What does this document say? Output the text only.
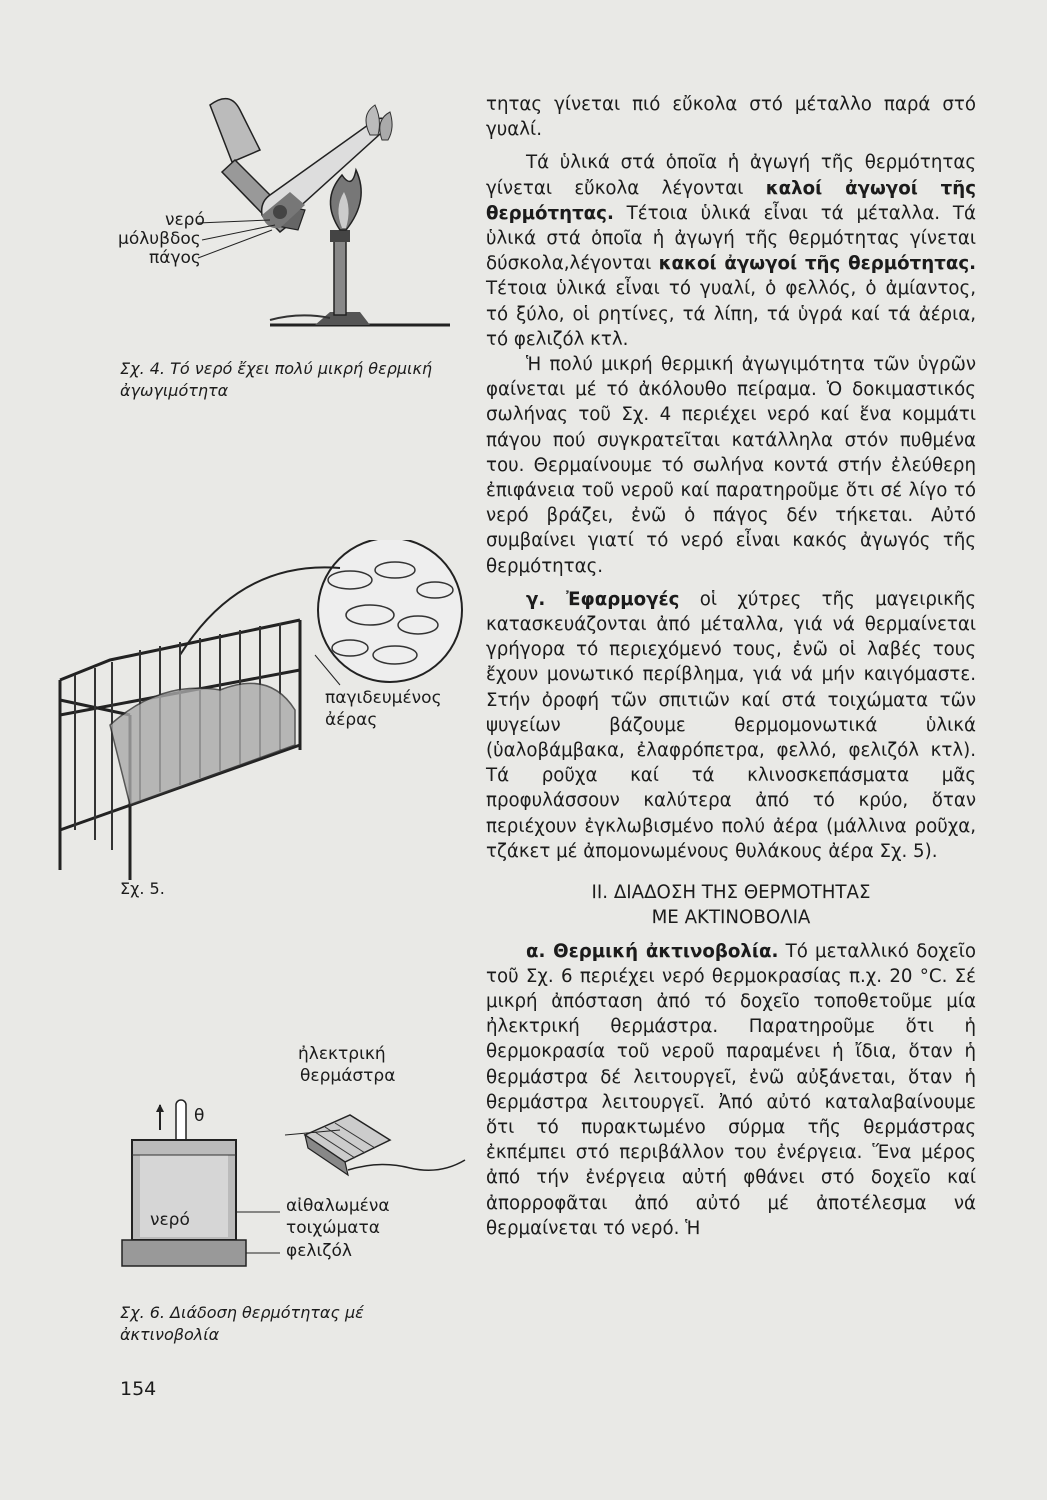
νερό
μόλυβδος
πάγος
Σχ. 4. Τό νερό ἔχει πολύ μικρή θερμική ἀγωγιμότητα
παγιδευμένος
ἀέρας
Σχ. 5.
ἠλεκτρική
θερμάστρα
θ
νερό
αἰθαλωμένα
τοιχώματα
φελιζόλ
Σχ. 6. Διάδοση θερμότητας μέ ἀκτινοβολία

τητας γίνεται πιό εὔκολα στό μέταλλο παρά στό γυαλί.

Τά ὑλικά στά ὁποῖα ἡ ἀγωγή τῆς θερμότητας γίνεται εὔκολα λέγονται καλοί ἀγωγοί τῆς θερμότητας. Τέτοια ὑλικά εἶναι τά μέταλλα. Τά ὑλικά στά ὁποῖα ἡ ἀγωγή τῆς θερμότητας γίνεται δύσκολα,λέγονται κακοί ἀγωγοί τῆς θερμότητας. Τέτοια ὑλικά εἶναι τό γυαλί, ὁ φελλός, ὁ ἀμίαντος, τό ξύλο, οἱ ρητίνες, τά λίπη, τά ὑγρά καί τά ἀέρια, τό φελιζόλ κτλ.

Ἡ πολύ μικρή θερμική ἀγωγιμότητα τῶν ὑγρῶν φαίνεται μέ τό ἀκόλουθο πείραμα. Ὁ δοκιμαστικός σωλήνας τοῦ Σχ. 4 περιέχει νερό καί ἕνα κομμάτι πάγου πού συγκρατεῖται κατάλληλα στόν πυθμένα του. Θερμαίνουμε τό σωλήνα κοντά στήν ἐλεύθερη ἐπιφάνεια τοῦ νεροῦ καί παρατηροῦμε ὅτι σέ λίγο τό νερό βράζει, ἐνῶ ὁ πάγος δέν τήκεται. Αὐτό συμβαίνει γιατί τό νερό εἶναι κακός ἀγωγός τῆς θερμότητας.

γ. Ἐφαρμογές οἱ χύτρες τῆς μαγειρικῆς κατασκευάζονται ἀπό μέταλλα, γιά νά θερμαίνεται γρήγορα τό περιεχόμενό τους, ἐνῶ οἱ λαβές τους ἔχουν μονωτικό περίβλημα, γιά νά μήν καιγόμαστε. Στήν ὀροφή τῶν σπιτιῶν καί στά τοιχώματα τῶν ψυγείων βάζουμε θερμομονωτικά ὑλικά (ὑαλοβάμβακα, ἐλαφρόπετρα, φελλό, φελιζόλ κτλ). Τά ροῦχα καί τά κλινοσκεπάσματα μᾶς προφυλάσσουν καλύτερα ἀπό τό κρύο, ὅταν περιέχουν ἐγκλωβισμένο πολύ ἀέρα (μάλλινα ροῦχα, τζάκετ μέ ἀπομονωμένους θυλάκους ἀέρα Σχ. 5).

ΙΙ. ΔΙΑΔΟΣΗ ΤΗΣ ΘΕΡΜΟΤΗΤΑΣ
ΜΕ ΑΚΤΙΝΟΒΟΛΙΑ

α. Θερμική ἀκτινοβολία. Τό μεταλλικό δοχεῖο τοῦ Σχ. 6 περιέχει νερό θερμοκρασίας π.χ. 20 °C. Σέ μικρή ἀπόσταση ἀπό τό δοχεῖο τοποθετοῦμε μία ἠλεκτρική θερμάστρα. Παρατηροῦμε ὅτι ἡ θερμοκρασία τοῦ νεροῦ παραμένει ἡ ἴδια, ὅταν ἡ θερμάστρα δέ λειτουργεῖ, ἐνῶ αὐξάνεται, ὅταν ἡ θερμάστρα λειτουργεῖ. Ἀπό αὐτό καταλαβαίνουμε ὅτι τό πυρακτωμένο σύρμα τῆς θερμάστρας ἐκπέμπει στό περιβάλλον του ἐνέργεια. Ἕνα μέρος ἀπό τήν ἐνέργεια αὐτή φθάνει στό δοχεῖο καί ἀπορροφᾶται ἀπό αὐτό μέ ἀποτέλεσμα νά θερμαίνεται τό νερό. Ἡ

154
